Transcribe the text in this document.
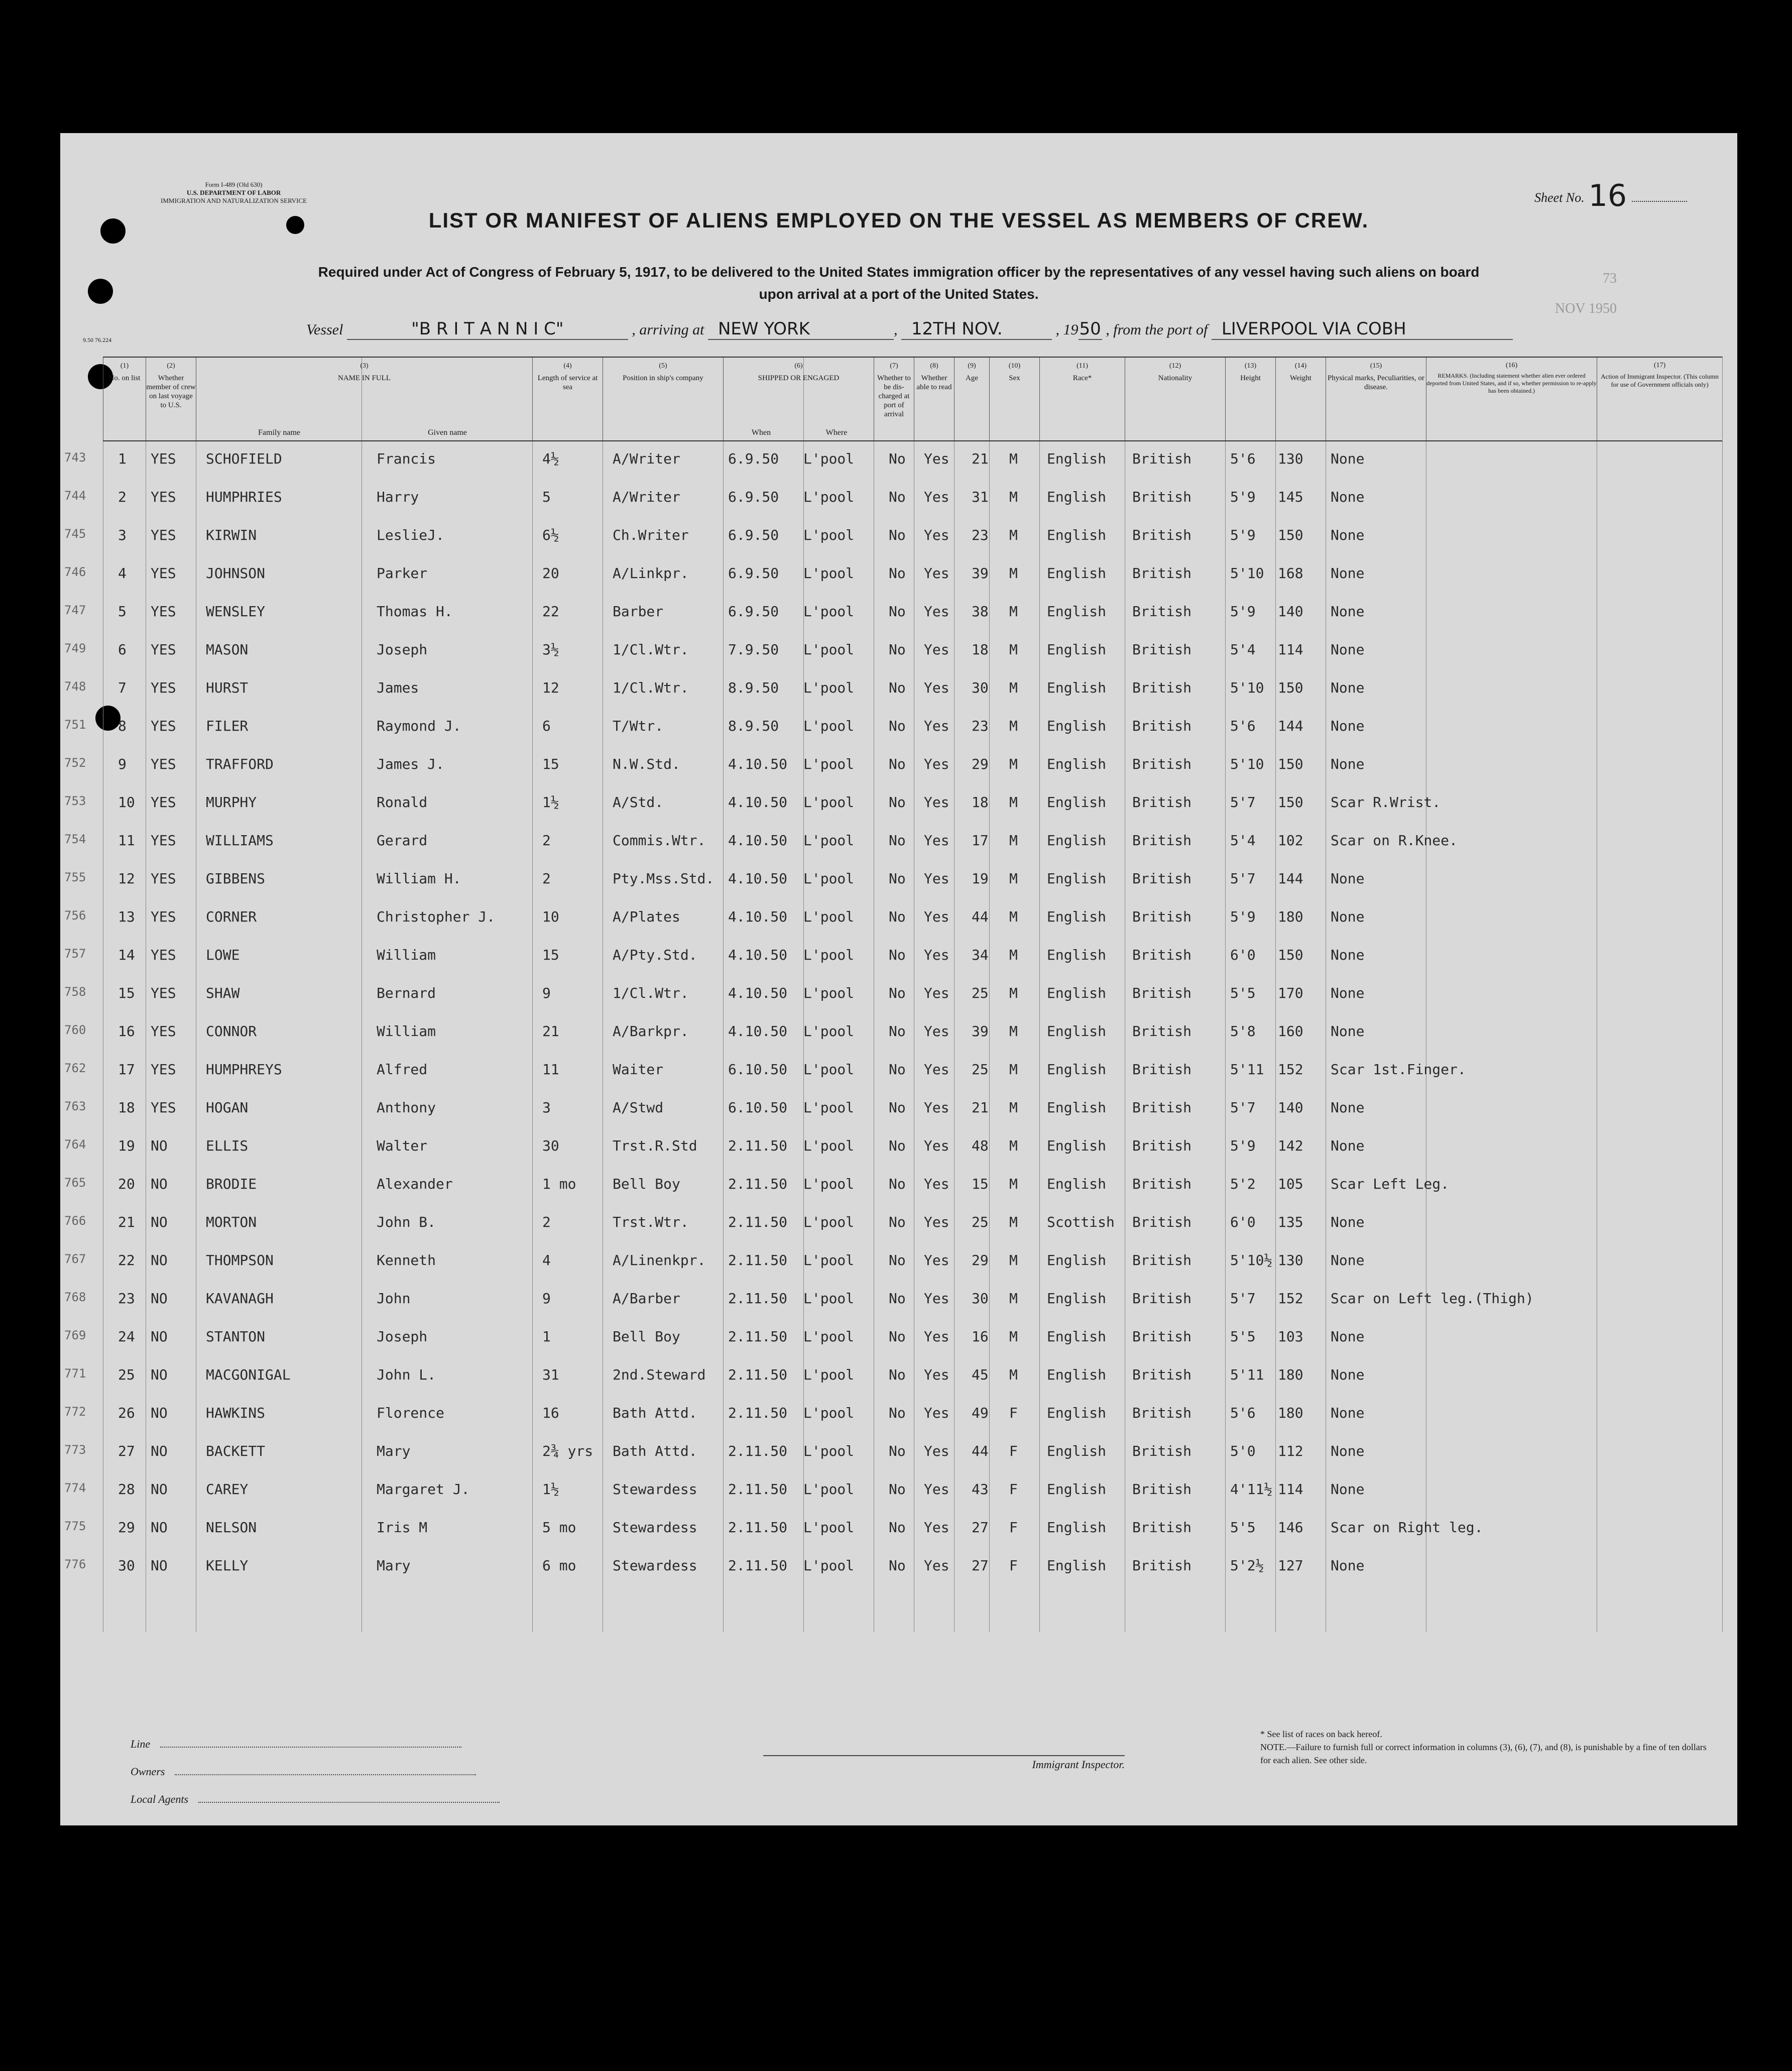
Form I-489 (Old 630)
U.S. DEPARTMENT OF LABOR
IMMIGRATION AND NATURALIZATION SERVICE	Sheet No. 16
LIST OR MANIFEST OF ALIENS EMPLOYED ON THE VESSEL AS MEMBERS OF CREW.
Required under Act of Congress of February 5, 1917, to be delivered to the United States immigration officer by the representatives of any vessel having such aliens on board upon arrival at a port of the United States.
73
NOV 1950
Vessel	"B R I T A N N I C"	, arriving at NEW YORK	, 12TH NOV.	, 1950 , from the port of LIVERPOOL VIA COBH
9.50 76.224
(1)
No. on list
(2)
Whether member of crew on last voyage to U.S.
(3)
NAME IN FULL
Family name	Given name
(4)
Length of service at sea
(5)
Position in ship's company
(6)
SHIPPED OR ENGAGED
When	Where
(7)
Whether to be dis-charged at port of arrival
(8)
Whether able to read
(9)
Age
(10)
Sex
(11)
Race*
(12)
Nationality
(13)
Height
(14)
Weight
(15)
Physical marks, Peculiarities, or disease.
(16)
REMARKS. (Including statement whether alien ever ordered deported from United States, and if so, whether permission to re-apply has been obtained.)
(17)
Action of Immigrant Inspector. (This column for use of Government officials only)
743 1 YES SCHOFIELD	Francis	4½	A/Writer	6.9.50 L'pool No Yes 21 M English British	5'6 130 None
744 2 YES HUMPHRIES	Harry	5	A/Writer	6.9.50 L'pool No Yes 31 M English British	5'9 145 None
745 3 YES KIRWIN	LeslieJ.	6½	Ch.Writer	6.9.50 L'pool No Yes 23 M English British	5'9 150 None
746 4 YES JOHNSON	Parker	20	A/Linkpr.	6.9.50 L'pool No Yes 39 M English British	5'10 168 None
747 5 YES WENSLEY	Thomas H.	22	Barber	6.9.50 L'pool No Yes 38 M English British	5'9 140 None
749 6 YES MASON	Joseph	3½	1/Cl.Wtr.	7.9.50 L'pool No Yes 18 M English British	5'4 114 None
748 7 YES HURST	James	12	1/Cl.Wtr.	8.9.50 L'pool No Yes 30 M English British	5'10 150 None
751 8 YES FILER	Raymond J.	6	T/Wtr.	8.9.50 L'pool No Yes 23 M English British	5'6 144 None
752 9 YES TRAFFORD	James J.	15	N.W.Std.	4.10.50 L'pool No Yes 29 M English British	5'10 150 None
753 10 YES MURPHY	Ronald	1½	A/Std.	4.10.50 L'pool No Yes 18 M English British	5'7 150 Scar R.Wrist.
754 11 YES WILLIAMS	Gerard	2	Commis.Wtr. 4.10.50 L'pool No Yes 17 M English British	5'4 102 Scar on R.Knee.
755 12 YES GIBBENS	William H.	2	Pty.Mss.Std. 4.10.50 L'pool No Yes 19 M English British	5'7 144 None
756 13 YES CORNER	Christopher J.	10	A/Plates	4.10.50 L'pool No Yes 44 M English British	5'9 180 None
757 14 YES LOWE	William	15	A/Pty.Std. 4.10.50 L'pool No Yes 34 M English British	6'0 150 None
758 15 YES SHAW	Bernard	9	1/Cl.Wtr.	4.10.50 L'pool No Yes 25 M English British	5'5 170 None
760 16 YES CONNOR	William	21	A/Barkpr.	4.10.50 L'pool No Yes 39 M English British	5'8 160 None
762 17 YES HUMPHREYS	Alfred	11	Waiter	6.10.50 L'pool No Yes 25 M English British	5'11 152 Scar 1st.Finger.
763 18 YES HOGAN	Anthony	3	A/Stwd	6.10.50 L'pool No Yes 21 M English British	5'7 140 None
764 19 NO	ELLIS	Walter	30	Trst.R.Std 2.11.50 L'pool No Yes 48 M English British	5'9 142 None
765 20 NO	BRODIE	Alexander	1 mo	Bell Boy	2.11.50 L'pool No Yes 15 M English British	5'2 105 Scar Left Leg.
766 21 NO	MORTON	John B.	2	Trst.Wtr.	2.11.50 L'pool No Yes 25 M Scottish British	6'0 135 None
767 22 NO	THOMPSON	Kenneth	4	A/Linenkpr. 2.11.50 L'pool No Yes 29 M English British	5'10½ 130 None
768 23 NO	KAVANAGH	John	9	A/Barber	2.11.50 L'pool No Yes 30 M English British	5'7 152 Scar on Left leg.(Thigh)
769 24 NO	STANTON	Joseph	1	Bell Boy	2.11.50 L'pool No Yes 16 M English British	5'5 103 None
771 25 NO	MACGONIGAL	John L.	31	2nd.Steward 2.11.50 L'pool No Yes 45 M English British	5'11 180 None
772 26 NO	HAWKINS	Florence	16	Bath Attd. 2.11.50 L'pool No Yes 49 F English British	5'6 180 None
773 27 NO	BACKETT	Mary	2¾ yrs Bath Attd. 2.11.50 L'pool No Yes 44 F English British	5'0 112 None
774 28 NO	CAREY	Margaret J.	1½	Stewardess 2.11.50 L'pool No Yes 43 F English British	4'11½ 114 None
775 29 NO	NELSON	Iris M	5 mo	Stewardess 2.11.50 L'pool No Yes 27 F English British	5'5 146 Scar on Right leg.
776 30 NO	KELLY	Mary	6 mo	Stewardess 2.11.50 L'pool No Yes 27 F English British	5'2½ 127 None
Line
Owners
Local Agents
Immigrant Inspector.
* See list of races on back hereof.
NOTE.—Failure to furnish full or correct information in columns (3), (6), (7), and (8), is punishable by a fine of ten dollars for each alien. See other side.
